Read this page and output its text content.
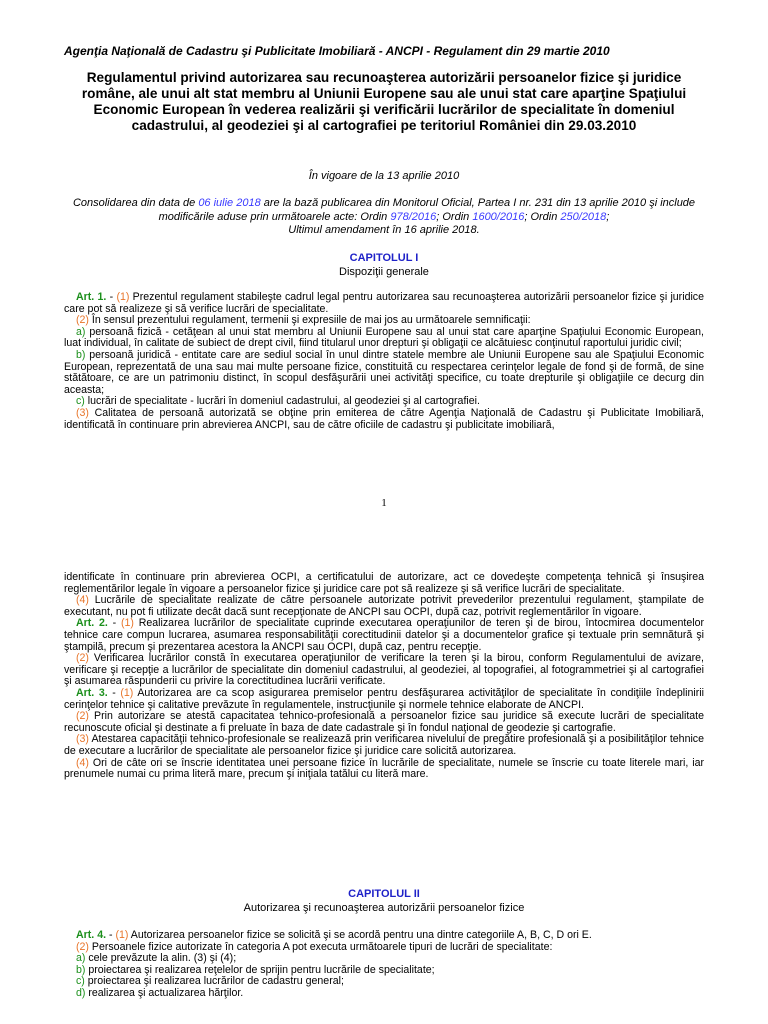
Agenţia Naţională de Cadastru şi Publicitate Imobiliară - ANCPI - Regulament din 29 martie 2010
Regulamentul privind autorizarea sau recunoaşterea autorizării persoanelor fizice şi juridice române, ale unui alt stat membru al Uniunii Europene sau ale unui stat care aparţine Spaţiului Economic European în vederea realizării şi verificării lucrărilor de specialitate în domeniul cadastrului, al geodeziei şi al cartografiei pe teritoriul României din 29.03.2010
În vigoare de la 13 aprilie 2010
Consolidarea din data de 06 iulie 2018 are la bază publicarea din Monitorul Oficial, Partea I nr. 231 din 13 aprilie 2010 şi include modificările aduse prin următoarele acte: Ordin 978/2016; Ordin 1600/2016; Ordin 250/2018;
Ultimul amendament în 16 aprilie 2018.
CAPITOLUL I
Dispoziţii generale

Art. 1. - (1) Prezentul regulament stabileşte cadrul legal pentru autorizarea sau recunoaşterea autorizării persoanelor fizice şi juridice care pot să realizeze şi să verifice lucrări de specialitate.

(2) În sensul prezentului regulament, termenii şi expresiile de mai jos au următoarele semnificaţii:

a) persoană fizică - cetăţean al unui stat membru al Uniunii Europene sau al unui stat care aparţine Spaţiului Economic European, luat individual, în calitate de subiect de drept civil, fiind titularul unor drepturi şi obligaţii ce alcătuiesc conţinutul raportului juridic civil;

b) persoană juridică - entitate care are sediul social în unul dintre statele membre ale Uniunii Europene sau ale Spaţiului Economic European, reprezentată de una sau mai multe persoane fizice, constituită cu respectarea cerinţelor legale de fond şi de formă, de sine stătătoare, ce are un patrimoniu distinct, în scopul desfăşurării unei activităţi specifice, cu toate drepturile şi obligaţiile ce decurg din aceasta;

c) lucrări de specialitate - lucrări în domeniul cadastrului, al geodeziei şi al cartografiei.

(3) Calitatea de persoană autorizată se obţine prin emiterea de către Agenţia Naţională de Cadastru şi Publicitate Imobiliară, identificată în continuare prin abrevierea ANCPI, sau de către oficiile de cadastru şi publicitate imobiliară,

1

identificate în continuare prin abrevierea OCPI, a certificatului de autorizare, act ce dovedeşte competenţa tehnică şi însuşirea reglementărilor legale în vigoare a persoanelor fizice şi juridice care pot să realizeze şi să verifice lucrări de specialitate.

(4) Lucrările de specialitate realizate de către persoanele autorizate potrivit prevederilor prezentului regulament, ştampilate de executant, nu pot fi utilizate decât dacă sunt recepţionate de ANCPI sau OCPI, după caz, potrivit reglementărilor în vigoare.

Art. 2. - (1) Realizarea lucrărilor de specialitate cuprinde executarea operaţiunilor de teren şi de birou, întocmirea documentelor tehnice care compun lucrarea, asumarea responsabilităţii corectitudinii datelor şi a documentelor grafice şi textuale prin semnătură şi ştampilă, precum şi prezentarea acestora la ANCPI sau OCPI, după caz, pentru recepţie.

(2) Verificarea lucrărilor constă în executarea operaţiunilor de verificare la teren şi la birou, conform Regulamentului de avizare, verificare şi recepţie a lucrărilor de specialitate din domeniul cadastrului, al geodeziei, al topografiei, al fotogrammetriei şi al cartografiei şi asumarea răspunderii cu privire la corectitudinea lucrării verificate.

Art. 3. - (1) Autorizarea are ca scop asigurarea premiselor pentru desfăşurarea activităţilor de specialitate în condiţiile îndeplinirii cerinţelor tehnice şi calitative prevăzute în regulamentele, instrucţiunile şi normele tehnice elaborate de ANCPI.

(2) Prin autorizare se atestă capacitatea tehnico-profesională a persoanelor fizice sau juridice să execute lucrări de specialitate recunoscute oficial şi destinate a fi preluate în baza de date cadastrale şi în fondul naţional de geodezie şi cartografie.

(3) Atestarea capacităţii tehnico-profesionale se realizează prin verificarea nivelului de pregătire profesională şi a posibilităţilor tehnice de executare a lucrărilor de specialitate ale persoanelor fizice şi juridice care solicită autorizarea.

(4) Ori de câte ori se înscrie identitatea unei persoane fizice în lucrările de specialitate, numele se înscrie cu toate literele mari, iar prenumele numai cu prima literă mare, precum şi iniţiala tatălui cu literă mare.

CAPITOLUL II
Autorizarea şi recunoaşterea autorizării persoanelor fizice

Art. 4. - (1) Autorizarea persoanelor fizice se solicită şi se acordă pentru una dintre categoriile A, B, C, D ori E.

(2) Persoanele fizice autorizate în categoria A pot executa următoarele tipuri de lucrări de specialitate:

a) cele prevăzute la alin. (3) şi (4);

b) proiectarea şi realizarea reţelelor de sprijin pentru lucrările de specialitate;

c) proiectarea şi realizarea lucrărilor de cadastru general;

d) realizarea şi actualizarea hărţilor.
